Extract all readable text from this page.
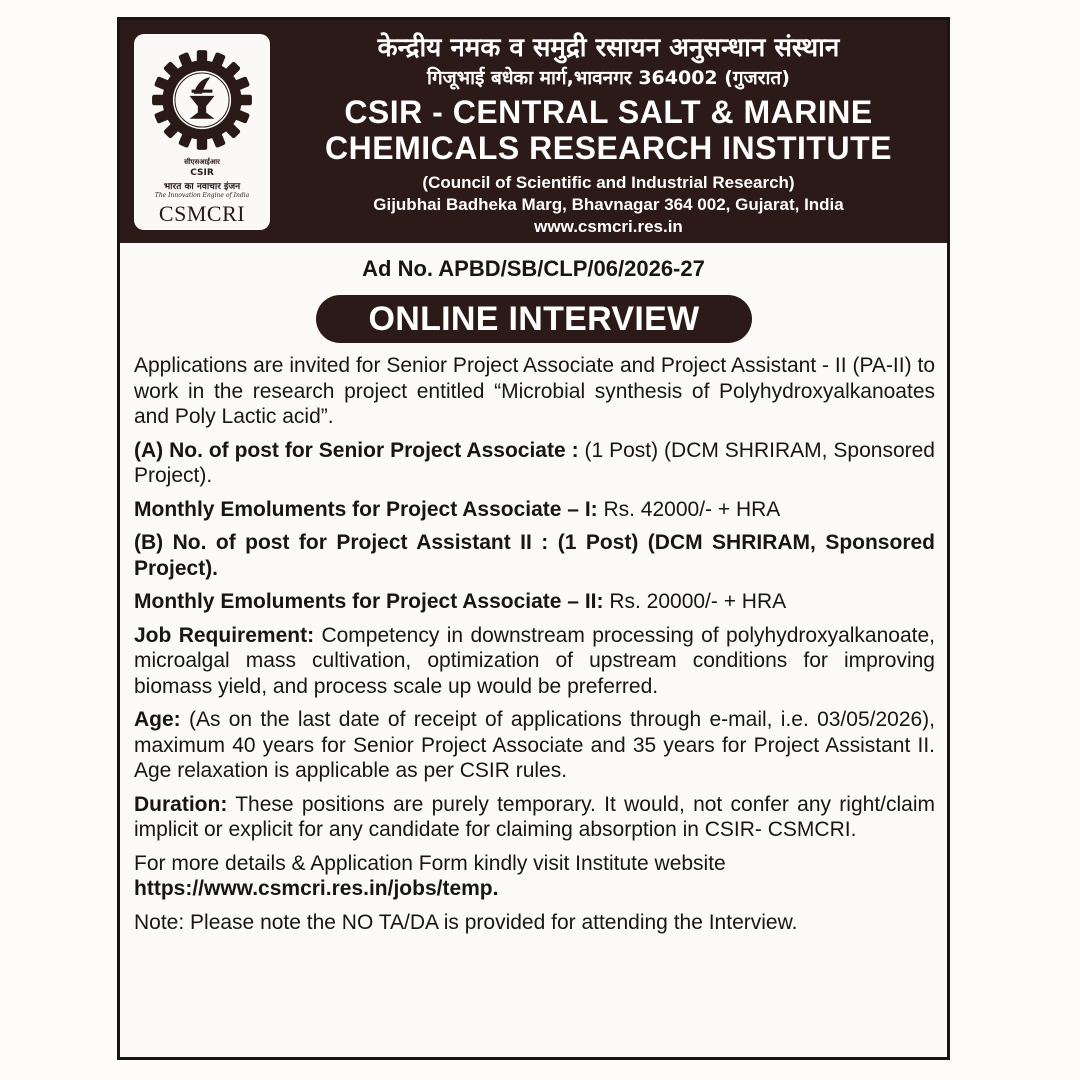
सीएसआईआर
CSIR
भारत का नवाचार इंजन
The Innovation Engine of India
CSMCRI
केन्द्रीय नमक व समुद्री रसायन अनुसन्धान संस्थान
गिजूभाई बधेका मार्ग,भावनगर 364002 (गुजरात)
CSIR - CENTRAL SALT & MARINE
CHEMICALS RESEARCH INSTITUTE
(Council of Scientific and Industrial Research)
Gijubhai Badheka Marg, Bhavnagar 364 002, Gujarat, India
www.csmcri.res.in
Ad No. APBD/SB/CLP/06/2026-27
ONLINE INTERVIEW

Applications are invited for Senior Project Associate and Project Assistant - II (PA-II) to work in the research project entitled “Microbial synthesis of Polyhydroxyalkanoates and Poly Lactic acid”.

(A) No. of post for Senior Project Associate : (1 Post) (DCM SHRIRAM, Sponsored Project).

Monthly Emoluments for Project Associate – I: Rs. 42000/- + HRA

(B) No. of post for Project Assistant II : (1 Post) (DCM SHRIRAM, Sponsored Project).

Monthly Emoluments for Project Associate – II: Rs. 20000/- + HRA

Job Requirement: Competency in downstream processing of polyhydroxyalkanoate, microalgal mass cultivation, optimization of upstream conditions for improving biomass yield, and process scale up would be preferred.

Age: (As on the last date of receipt of applications through e-mail, i.e. 03/05/2026), maximum 40 years for Senior Project Associate and 35 years for Project Assistant II. Age relaxation is applicable as per CSIR rules.

Duration: These positions are purely temporary. It would, not confer any right/claim implicit or explicit for any candidate for claiming absorption in CSIR- CSMCRI.

For more details & Application Form kindly visit Institute website
https://www.csmcri.res.in/jobs/temp.

Note: Please note the NO TA/DA is provided for attending the Interview.
